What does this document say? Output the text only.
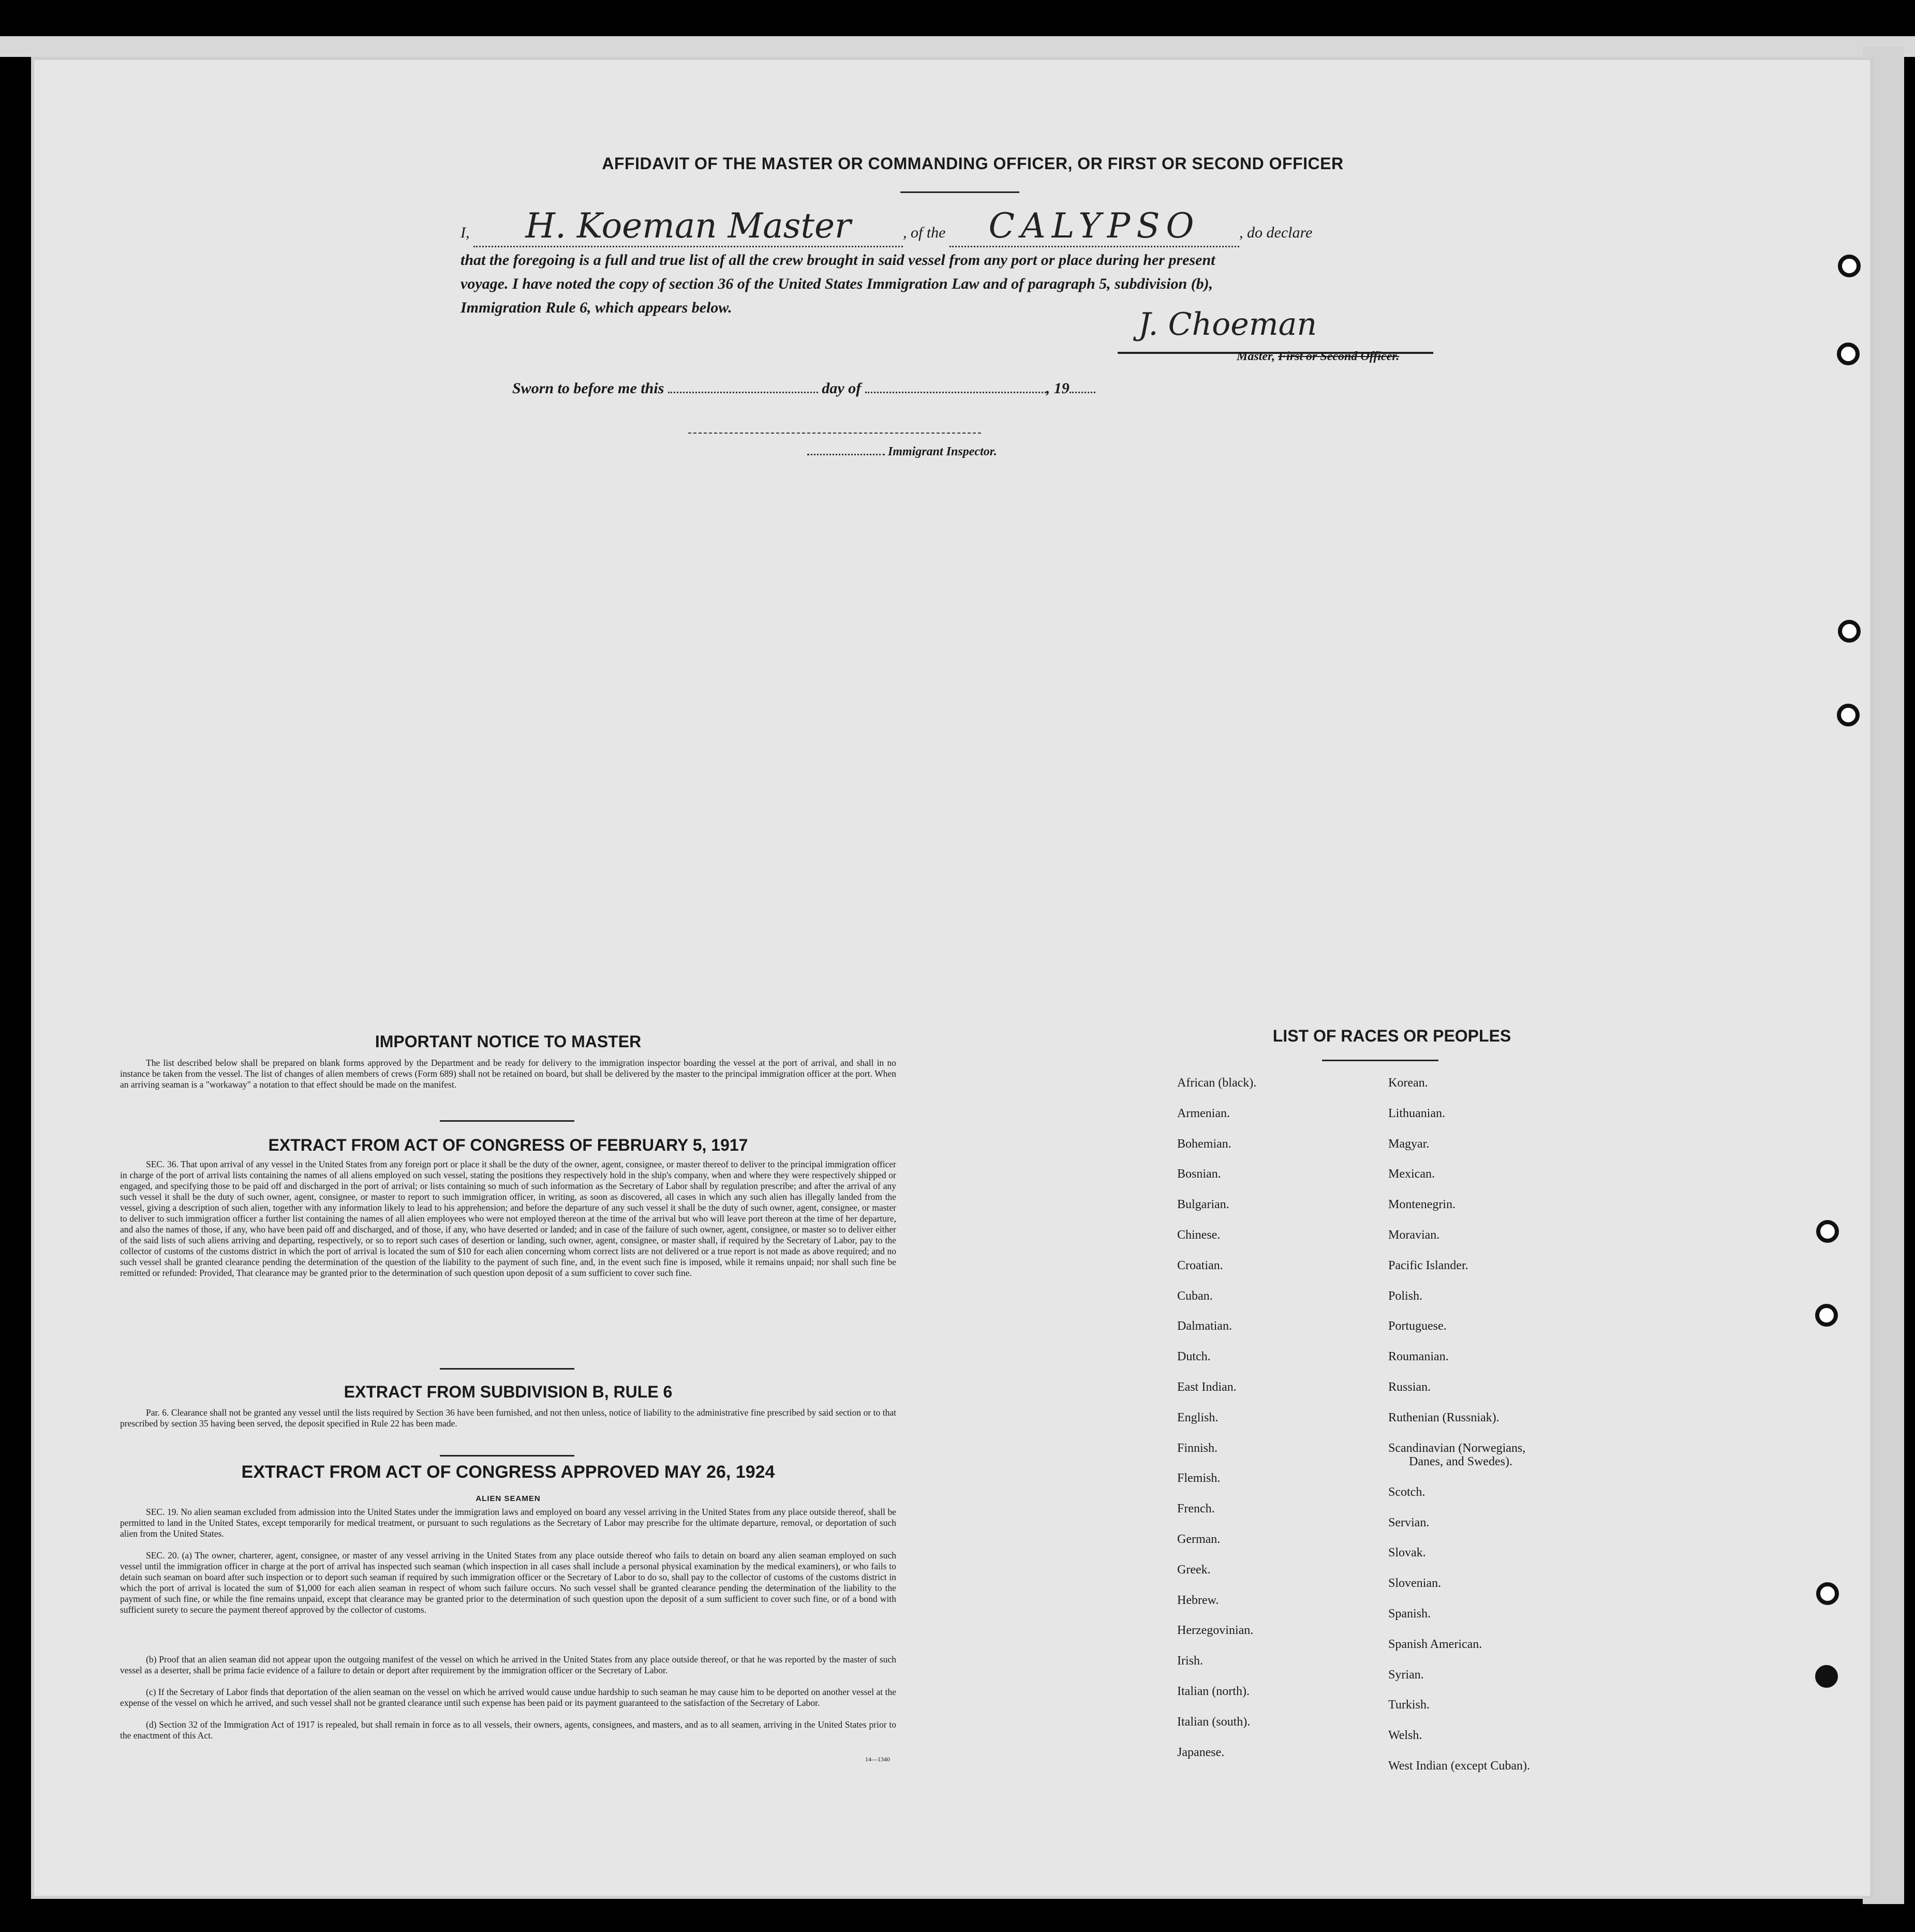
AFFIDAVIT OF THE MASTER OR COMMANDING OFFICER, OR FIRST OR SECOND OFFICER
I, H. Koeman Master	, of the CALYPSO	, do declare
that the foregoing is a full and true list of all the crew brought in said vessel from any port or place during her present
voyage. I have noted the copy of section 36 of the United States Immigration Law and of paragraph 5, subdivision (b),
Immigration Rule 6, which appears below.	J. Choeman
Master, First or Second Officer.
Sworn to before me this	day of	, 19
Immigrant Inspector.
IMPORTANT NOTICE TO MASTER
The list described below shall be prepared on blank forms approved by the Department and be ready for delivery to the immigration inspector boarding the vessel at the port of arrival, and shall in no instance be taken from the vessel. The list of changes of alien members of crews (Form 689) shall not be retained on board, but shall be delivered by the master to the principal immigration officer at the port. When an arriving seaman is a "workaway" a notation to that effect should be made on the manifest.
EXTRACT FROM ACT OF CONGRESS OF FEBRUARY 5, 1917
SEC. 36. That upon arrival of any vessel in the United States from any foreign port or place it shall be the duty of the owner, agent, consignee, or master thereof to deliver to the principal immigration officer in charge of the port of arrival lists containing the names of all aliens employed on such vessel, stating the positions they respectively hold in the ship's company, when and where they were respectively shipped or engaged, and specifying those to be paid off and discharged in the port of arrival; or lists containing so much of such information as the Secretary of Labor shall by regulation prescribe; and after the arrival of any such vessel it shall be the duty of such owner, agent, consignee, or master to report to such immigration officer, in writing, as soon as discovered, all cases in which any such alien has illegally landed from the vessel, giving a description of such alien, together with any information likely to lead to his apprehension; and before the departure of any such vessel it shall be the duty of such owner, agent, consignee, or master to deliver to such immigration officer a further list containing the names of all alien employees who were not employed thereon at the time of the arrival but who will leave port thereon at the time of her departure, and also the names of those, if any, who have been paid off and discharged, and of those, if any, who have deserted or landed; and in case of the failure of such owner, agent, consignee, or master so to deliver either of the said lists of such aliens arriving and departing, respectively, or so to report such cases of desertion or landing, such owner, agent, consignee, or master shall, if required by the Secretary of Labor, pay to the collector of customs of the customs district in which the port of arrival is located the sum of $10 for each alien concerning whom correct lists are not delivered or a true report is not made as above required; and no such vessel shall be granted clearance pending the determination of the question of the liability to the payment of such fine, and, in the event such fine is imposed, while it remains unpaid; nor shall such fine be remitted or refunded: Provided, That clearance may be granted prior to the determination of such question upon deposit of a sum sufficient to cover such fine.
EXTRACT FROM SUBDIVISION B, RULE 6
Par. 6. Clearance shall not be granted any vessel until the lists required by Section 36 have been furnished, and not then unless, notice of liability to the administrative fine prescribed by said section or to that prescribed by section 35 having been served, the deposit specified in Rule 22 has been made.
EXTRACT FROM ACT OF CONGRESS APPROVED MAY 26, 1924
ALIEN SEAMEN
SEC. 19. No alien seaman excluded from admission into the United States under the immigration laws and employed on board any vessel arriving in the United States from any place outside thereof, shall be permitted to land in the United States, except temporarily for medical treatment, or pursuant to such regulations as the Secretary of Labor may prescribe for the ultimate departure, removal, or deportation of such alien from the United States.
SEC. 20. (a) The owner, charterer, agent, consignee, or master of any vessel arriving in the United States from any place outside thereof who fails to detain on board any alien seaman employed on such vessel until the immigration officer in charge at the port of arrival has inspected such seaman (which inspection in all cases shall include a personal physical examination by the medical examiners), or who fails to detain such seaman on board after such inspection or to deport such seaman if required by such immigration officer or the Secretary of Labor to do so, shall pay to the collector of customs of the customs district in which the port of arrival is located the sum of $1,000 for each alien seaman in respect of whom such failure occurs. No such vessel shall be granted clearance pending the determination of the liability to the payment of such fine, or while the fine remains unpaid, except that clearance may be granted prior to the determination of such question upon the deposit of a sum sufficient to cover such fine, or of a bond with sufficient surety to secure the payment thereof approved by the collector of customs.
(b) Proof that an alien seaman did not appear upon the outgoing manifest of the vessel on which he arrived in the United States from any place outside thereof, or that he was reported by the master of such vessel as a deserter, shall be prima facie evidence of a failure to detain or deport after requirement by the immigration officer or the Secretary of Labor.
(c) If the Secretary of Labor finds that deportation of the alien seaman on the vessel on which he arrived would cause undue hardship to such seaman he may cause him to be deported on another vessel at the expense of the vessel on which he arrived, and such vessel shall not be granted clearance until such expense has been paid or its payment guaranteed to the satisfaction of the Secretary of Labor.
(d) Section 32 of the Immigration Act of 1917 is repealed, but shall remain in force as to all vessels, their owners, agents, consignees, and masters, and as to all seamen, arriving in the United States prior to the enactment of this Act.
14—1340
LIST OF RACES OR PEOPLES
African (black).
Armenian.
Bohemian.
Bosnian.
Bulgarian.
Chinese.
Croatian.
Cuban.
Dalmatian.
Dutch.
East Indian.
English.
Finnish.
Flemish.
French.
German.
Greek.
Hebrew.
Herzegovinian.
Irish.
Italian (north).
Italian (south).
Japanese.
Korean.
Lithuanian.
Magyar.
Mexican.
Montenegrin.
Moravian.
Pacific Islander.
Polish.
Portuguese.
Roumanian.
Russian.
Ruthenian (Russniak).
Scandinavian (Norwegians,
Danes, and Swedes).
Scotch.
Servian.
Slovak.
Slovenian.
Spanish.
Spanish American.
Syrian.
Turkish.
Welsh.
West Indian (except Cuban).
